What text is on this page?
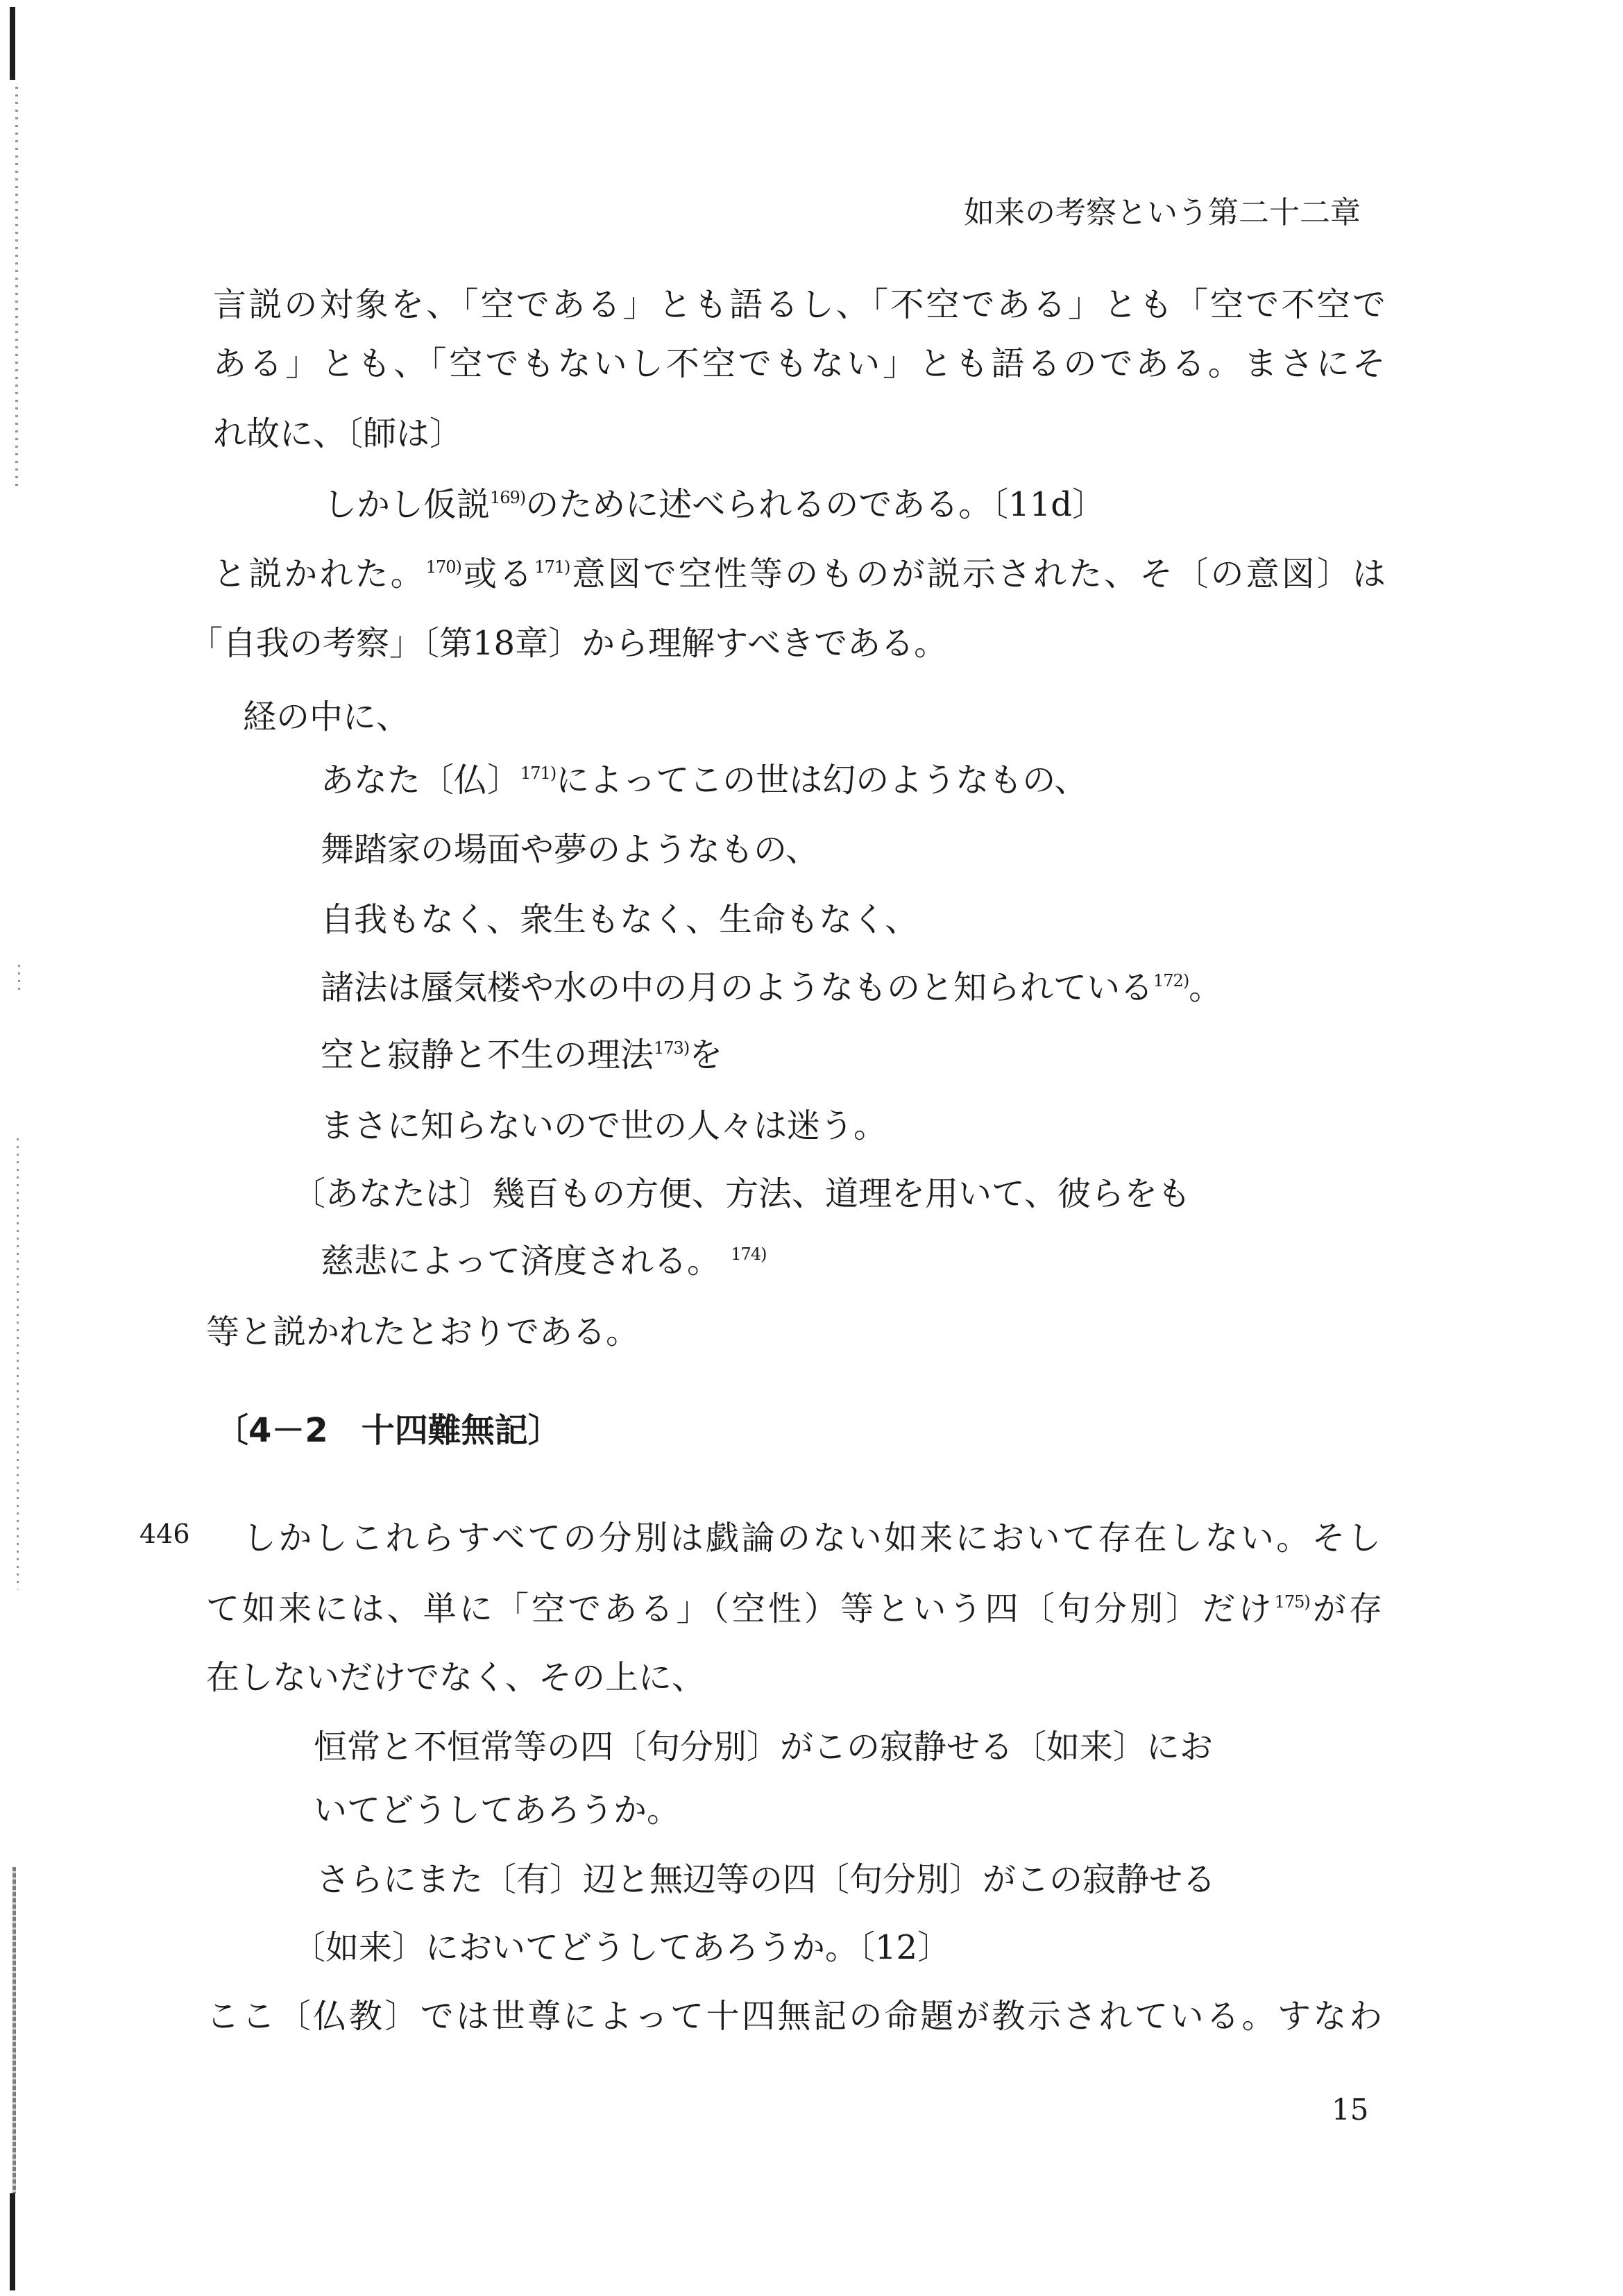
如来の考察という第二十二章
言説の対象を、「空である」とも語るし、「不空である」とも「空で不空で
ある」とも、「空でもないし不空でもない」とも語るのである。まさにそ
れ故に、〔師は〕
しかし仮説$^{169)}$のために述べられるのである。〔11d〕
と説かれた。$^{170)}$或る$^{171)}$意図で空性等のものが説示された、そ〔の意図〕は
「自我の考察」〔第18章〕から理解すべきである。
経の中に、
あなた〔仏〕$^{171)}$によってこの世は幻のようなもの、
舞踏家の場面や夢のようなもの、
自我もなく、衆生もなく、生命もなく、
諸法は蜃気楼や水の中の月のようなものと知られている$^{172)}$。
空と寂静と不生の理法$^{173)}$を
まさに知らないので世の人々は迷う。
〔あなたは〕幾百もの方便、方法、道理を用いて、彼らをも
慈悲によって済度される。 $^{174)}$
等と説かれたとおりである。
〔4－2　十四難無記〕
446 しかしこれらすべての分別は戯論のない如来において存在しない。そし
て如来には、単に「空である」（空性）等という四〔句分別〕だけ$^{175)}$が存
在しないだけでなく、その上に、
恒常と不恒常等の四〔句分別〕がこの寂静せる〔如来〕にお
いてどうしてあろうか。
さらにまた〔有〕辺と無辺等の四〔句分別〕がこの寂静せる
〔如来〕においてどうしてあろうか。〔12〕
ここ〔仏教〕では世尊によって十四無記の命題が教示されている。すなわ
15
